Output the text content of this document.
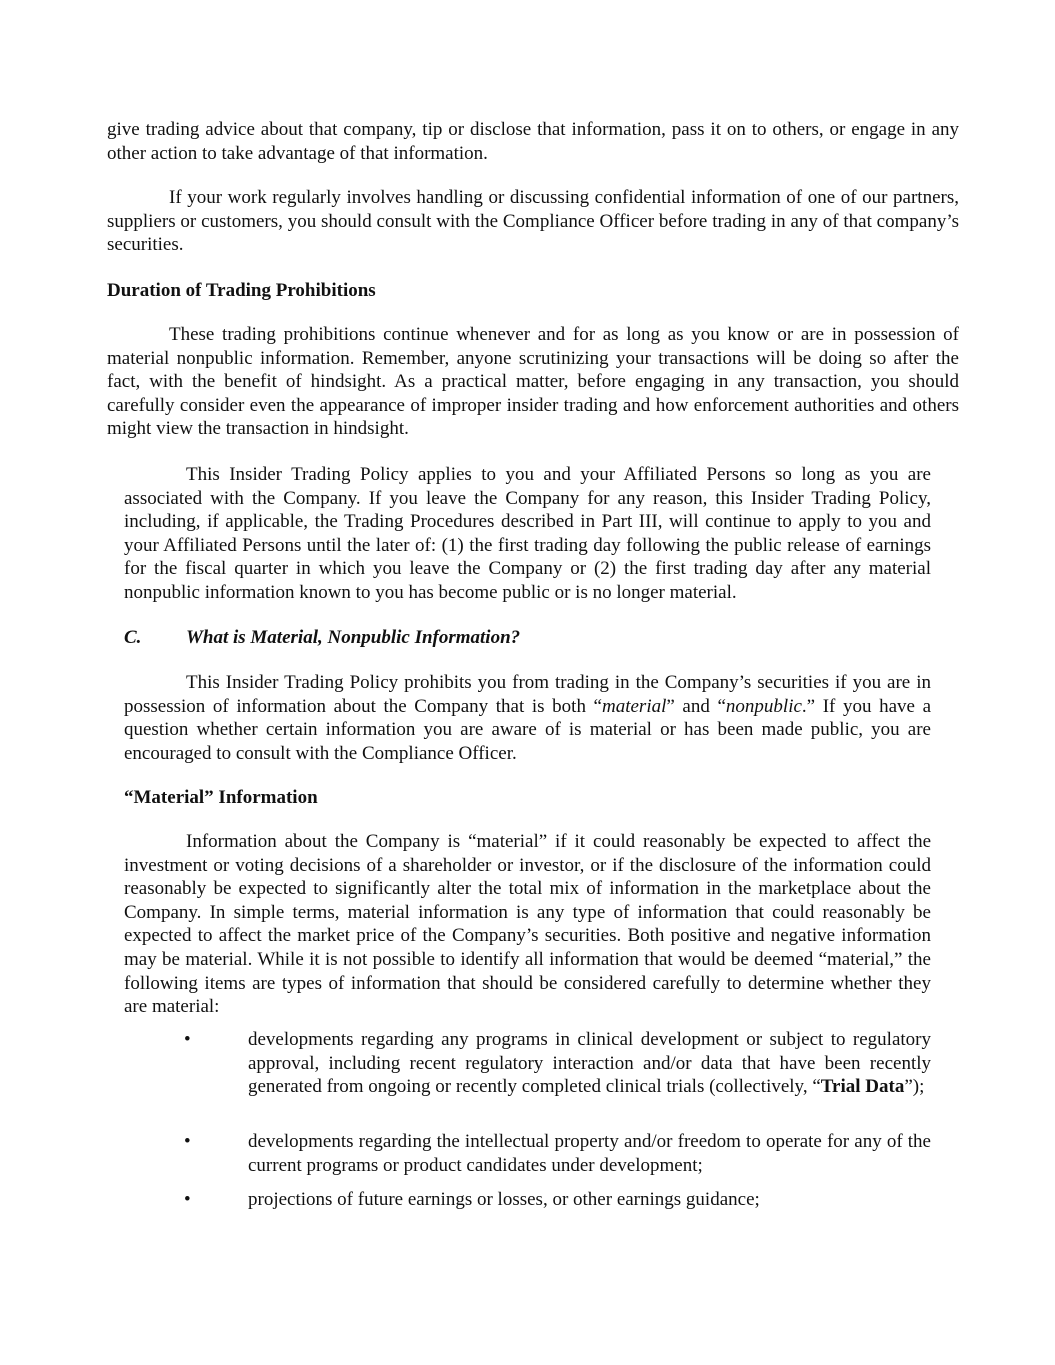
give trading advice about that company, tip or disclose that information, pass it on to others, or engage in any other action to take advantage of that information.

If your work regularly involves handling or discussing confidential information of one of our partners, suppliers or customers, you should consult with the Compliance Officer before trading in any of that company’s securities.

Duration of Trading Prohibitions

These trading prohibitions continue whenever and for as long as you know or are in possession of material nonpublic information. Remember, anyone scrutinizing your transactions will be doing so after the fact, with the benefit of hindsight. As a practical matter, before engaging in any transaction, you should carefully consider even the appearance of improper insider trading and how enforcement authorities and others might view the transaction in hindsight.

This Insider Trading Policy applies to you and your Affiliated Persons so long as you are associated with the Company. If you leave the Company for any reason, this Insider Trading Policy, including, if applicable, the Trading Procedures described in Part III, will continue to apply to you and your Affiliated Persons until the later of: (1) the first trading day following the public release of earnings for the fiscal quarter in which you leave the Company or (2) the first trading day after any material nonpublic information known to you has become public or is no longer material.

C. What is Material, Nonpublic Information?

This Insider Trading Policy prohibits you from trading in the Company’s securities if you are in possession of information about the Company that is both “material” and “nonpublic.” If you have a question whether certain information you are aware of is material or has been made public, you are encouraged to consult with the Compliance Officer.

“Material” Information

Information about the Company is “material” if it could reasonably be expected to affect the investment or voting decisions of a shareholder or investor, or if the disclosure of the information could reasonably be expected to significantly alter the total mix of information in the marketplace about the Company. In simple terms, material information is any type of information that could reasonably be expected to affect the market price of the Company’s securities. Both positive and negative information may be material. While it is not possible to identify all information that would be deemed “material,” the following items are types of information that should be considered carefully to determine whether they are material:

•	developments regarding any programs in clinical development or subject to regulatory approval, including recent regulatory interaction and/or data that have been recently generated from ongoing or recently completed clinical trials (collectively, “Trial Data”);
•	developments regarding the intellectual property and/or freedom to operate for any of the current programs or product candidates under development;
•	projections of future earnings or losses, or other earnings guidance;
